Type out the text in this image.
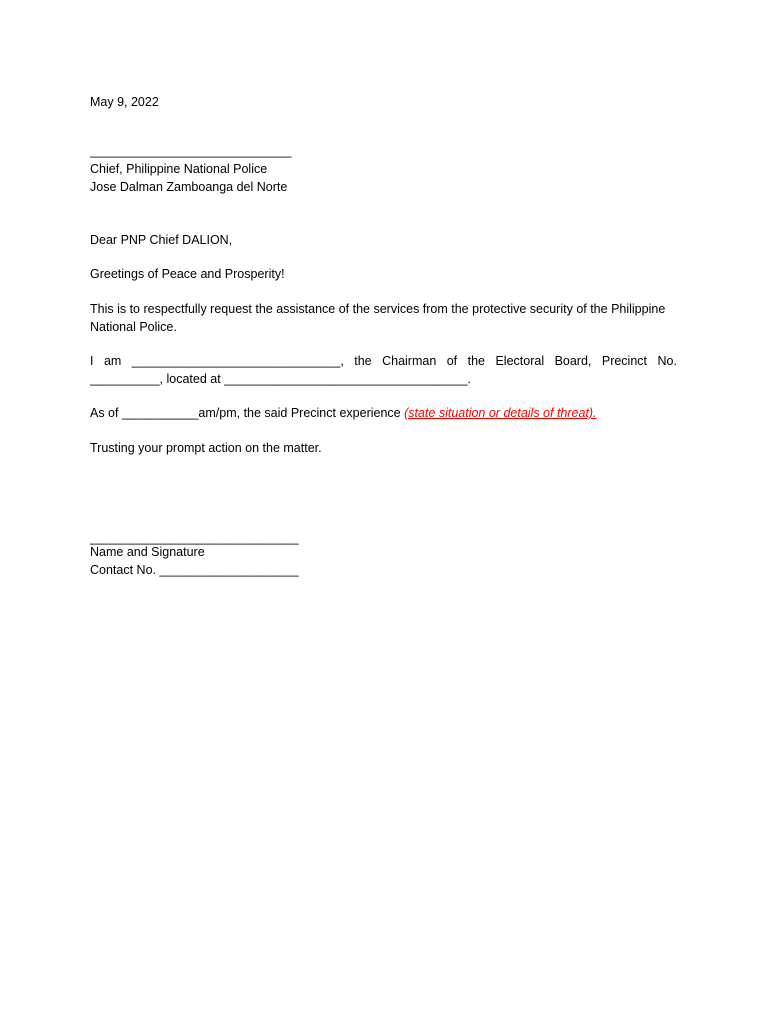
May 9, 2022
_____________________________
Chief, Philippine National Police
Jose Dalman Zamboanga del Norte
Dear PNP Chief DALION,
Greetings of Peace and Prosperity!
This is to respectfully request the assistance of the services from the protective security of the Philippine National Police.
I am ______________________________, the Chairman of the Electoral Board, Precinct No.
__________, located at ___________________________________.
As of ___________am/pm, the said Precinct experience (state situation or details of threat).
Trusting your prompt action on the matter.
______________________________
Name and Signature
Contact No. ____________________
